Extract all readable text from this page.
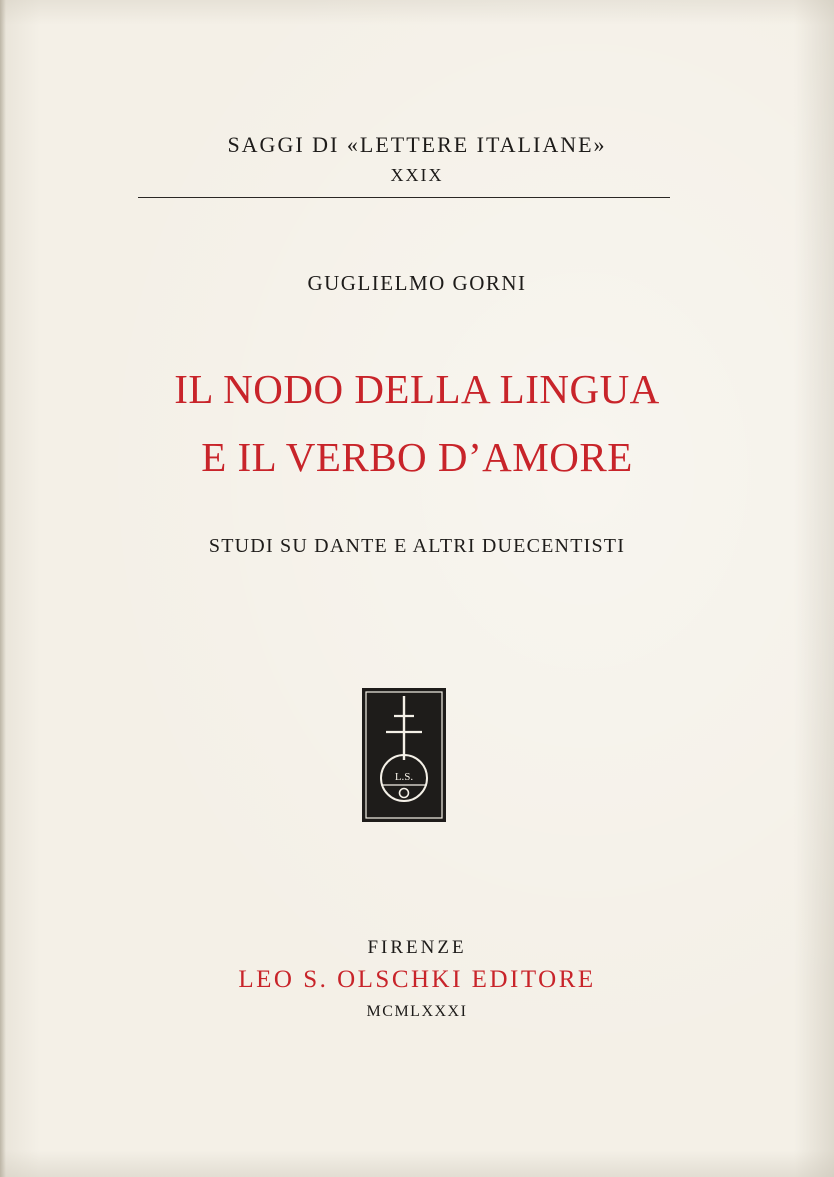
SAGGI DI «LETTERE ITALIANE»
XXIX
GUGLIELMO GORNI
IL NODO DELLA LINGUA
E IL VERBO D’AMORE
STUDI SU DANTE E ALTRI DUECENTISTI
L.S.
FIRENZE
LEO S. OLSCHKI EDITORE
MCMLXXXI
